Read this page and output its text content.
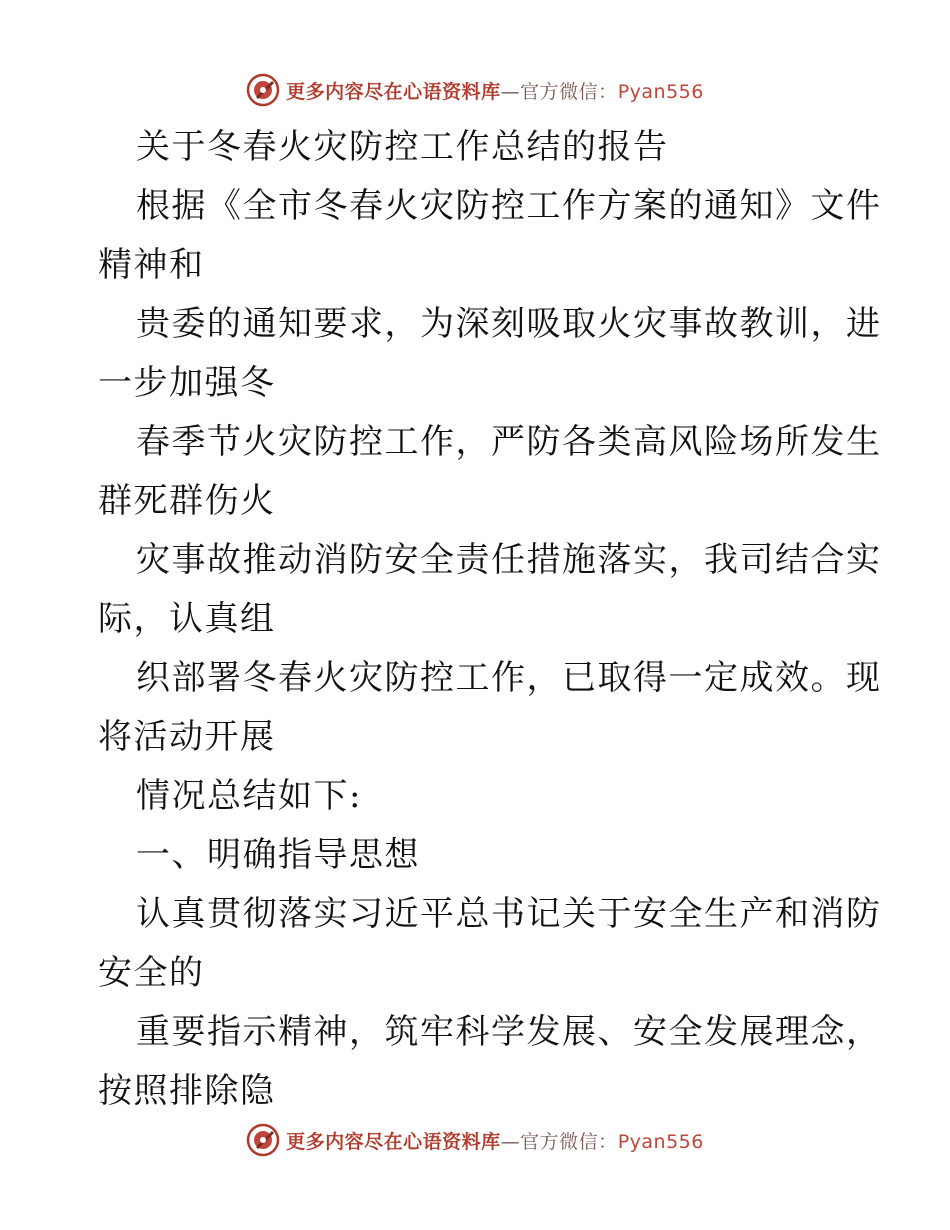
更多内容尽在心语资料库—官方微信：Pyan556
关于冬春火灾防控工作总结的报告
根据《全市冬春火灾防控工作方案的通知》文件
精神和
贵委的通知要求，为深刻吸取火灾事故教训，进
一步加强冬
春季节火灾防控工作，严防各类高风险场所发生
群死群伤火
灾事故推动消防安全责任措施落实，我司结合实
际，认真组
织部署冬春火灾防控工作，已取得一定成效。现
将活动开展
情况总结如下:
一、明确指导思想
认真贯彻落实习近平总书记关于安全生产和消防
安全的
重要指示精神，筑牢科学发展、安全发展理念，
按照排除隐
更多内容尽在心语资料库—官方微信：Pyan556
